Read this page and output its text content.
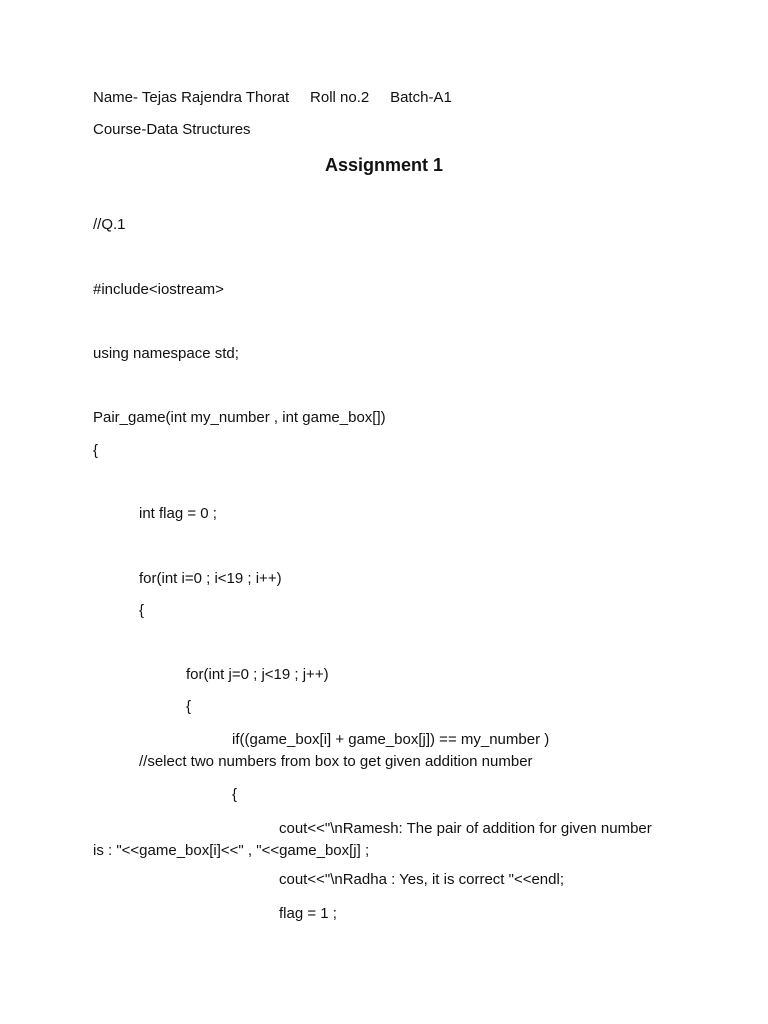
Name- Tejas Rajendra Thorat     Roll no.2     Batch-A1
Course-Data Structures
Assignment 1
//Q.1
#include<iostream>
using namespace std;
Pair_game(int my_number , int game_box[])
{
int flag = 0 ;
for(int i=0 ; i<19 ; i++)
{
for(int j=0 ; j<19 ; j++)
{
if((game_box[i] + game_box[j]) == my_number )
//select two numbers from box to get given addition number
{
cout<<"\nRamesh: The pair of addition for given number is : "<<game_box[i]<<" , "<<game_box[j] ;
cout<<"\nRadha : Yes, it is correct "<<endl;
flag = 1 ;
